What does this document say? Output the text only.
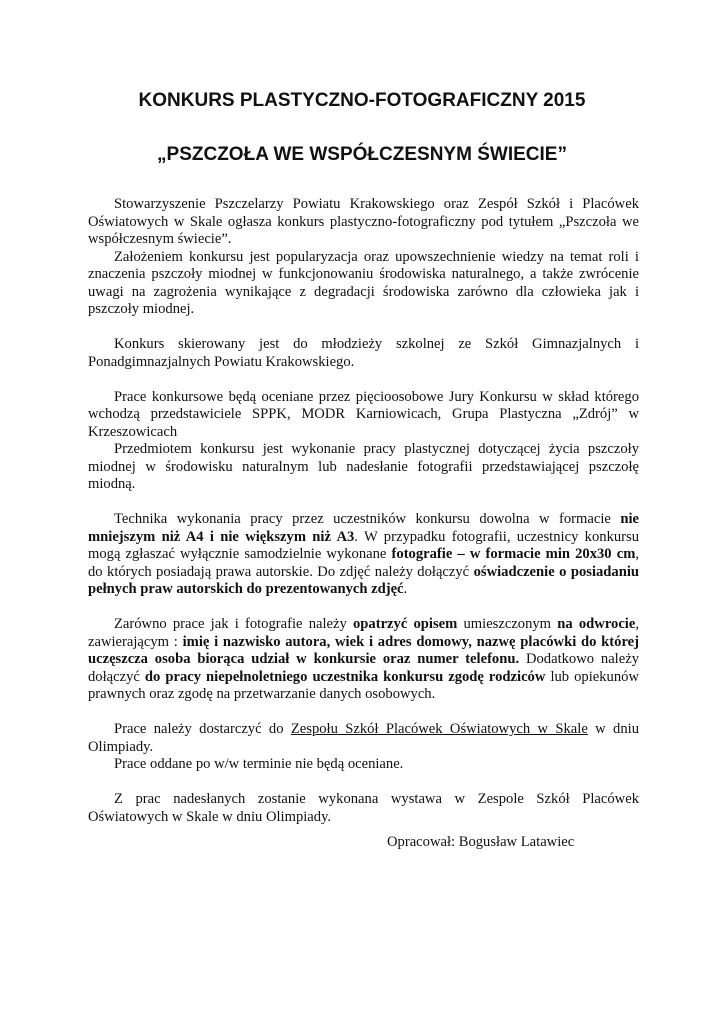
KONKURS PLASTYCZNO-FOTOGRAFICZNY 2015
„PSZCZOŁA WE WSPÓŁCZESNYM ŚWIECIE”

Stowarzyszenie Pszczelarzy Powiatu Krakowskiego oraz Zespół Szkół i Placówek Oświatowych w Skale ogłasza konkurs plastyczno-fotograficzny pod tytułem „Pszczoła we współczesnym świecie”.

Założeniem konkursu jest popularyzacja oraz upowszechnienie wiedzy na temat roli i znaczenia pszczoły miodnej w funkcjonowaniu środowiska naturalnego, a także zwrócenie uwagi na zagrożenia wynikające z degradacji środowiska zarówno dla człowieka jak i pszczoły miodnej.

Konkurs skierowany jest do młodzieży szkolnej ze Szkół Gimnazjalnych i Ponadgimnazjalnych Powiatu Krakowskiego.

Prace konkursowe będą oceniane przez pięcioosobowe Jury Konkursu w skład którego wchodzą przedstawiciele SPPK, MODR Karniowicach, Grupa Plastyczna „Zdrój” w Krzeszowicach

Przedmiotem konkursu jest wykonanie pracy plastycznej dotyczącej życia pszczoły miodnej w środowisku naturalnym lub nadesłanie fotografii przedstawiającej pszczołę miodną.

Technika wykonania pracy przez uczestników konkursu dowolna w formacie nie mniejszym niż A4 i nie większym niż A3. W przypadku fotografii, uczestnicy konkursu mogą zgłaszać wyłącznie samodzielnie wykonane fotografie – w formacie min 20x30 cm, do których posiadają prawa autorskie. Do zdjęć należy dołączyć oświadczenie o posiadaniu pełnych praw autorskich do prezentowanych zdjęć.

Zarówno prace jak i fotografie należy opatrzyć opisem umieszczonym na odwrocie, zawierającym : imię i nazwisko autora, wiek i adres domowy, nazwę placówki do której uczęszcza osoba biorąca udział w konkursie oraz numer telefonu. Dodatkowo należy dołączyć do pracy niepełnoletniego uczestnika konkursu zgodę rodziców lub opiekunów prawnych oraz zgodę na przetwarzanie danych osobowych.

Prace należy dostarczyć do Zespołu Szkół Placówek Oświatowych w Skale w dniu Olimpiady.

Prace oddane po w/w terminie nie będą oceniane.

Z prac nadesłanych zostanie wykonana wystawa w Zespole Szkół Placówek Oświatowych w Skale w dniu Olimpiady.

Opracował: Bogusław Latawiec
